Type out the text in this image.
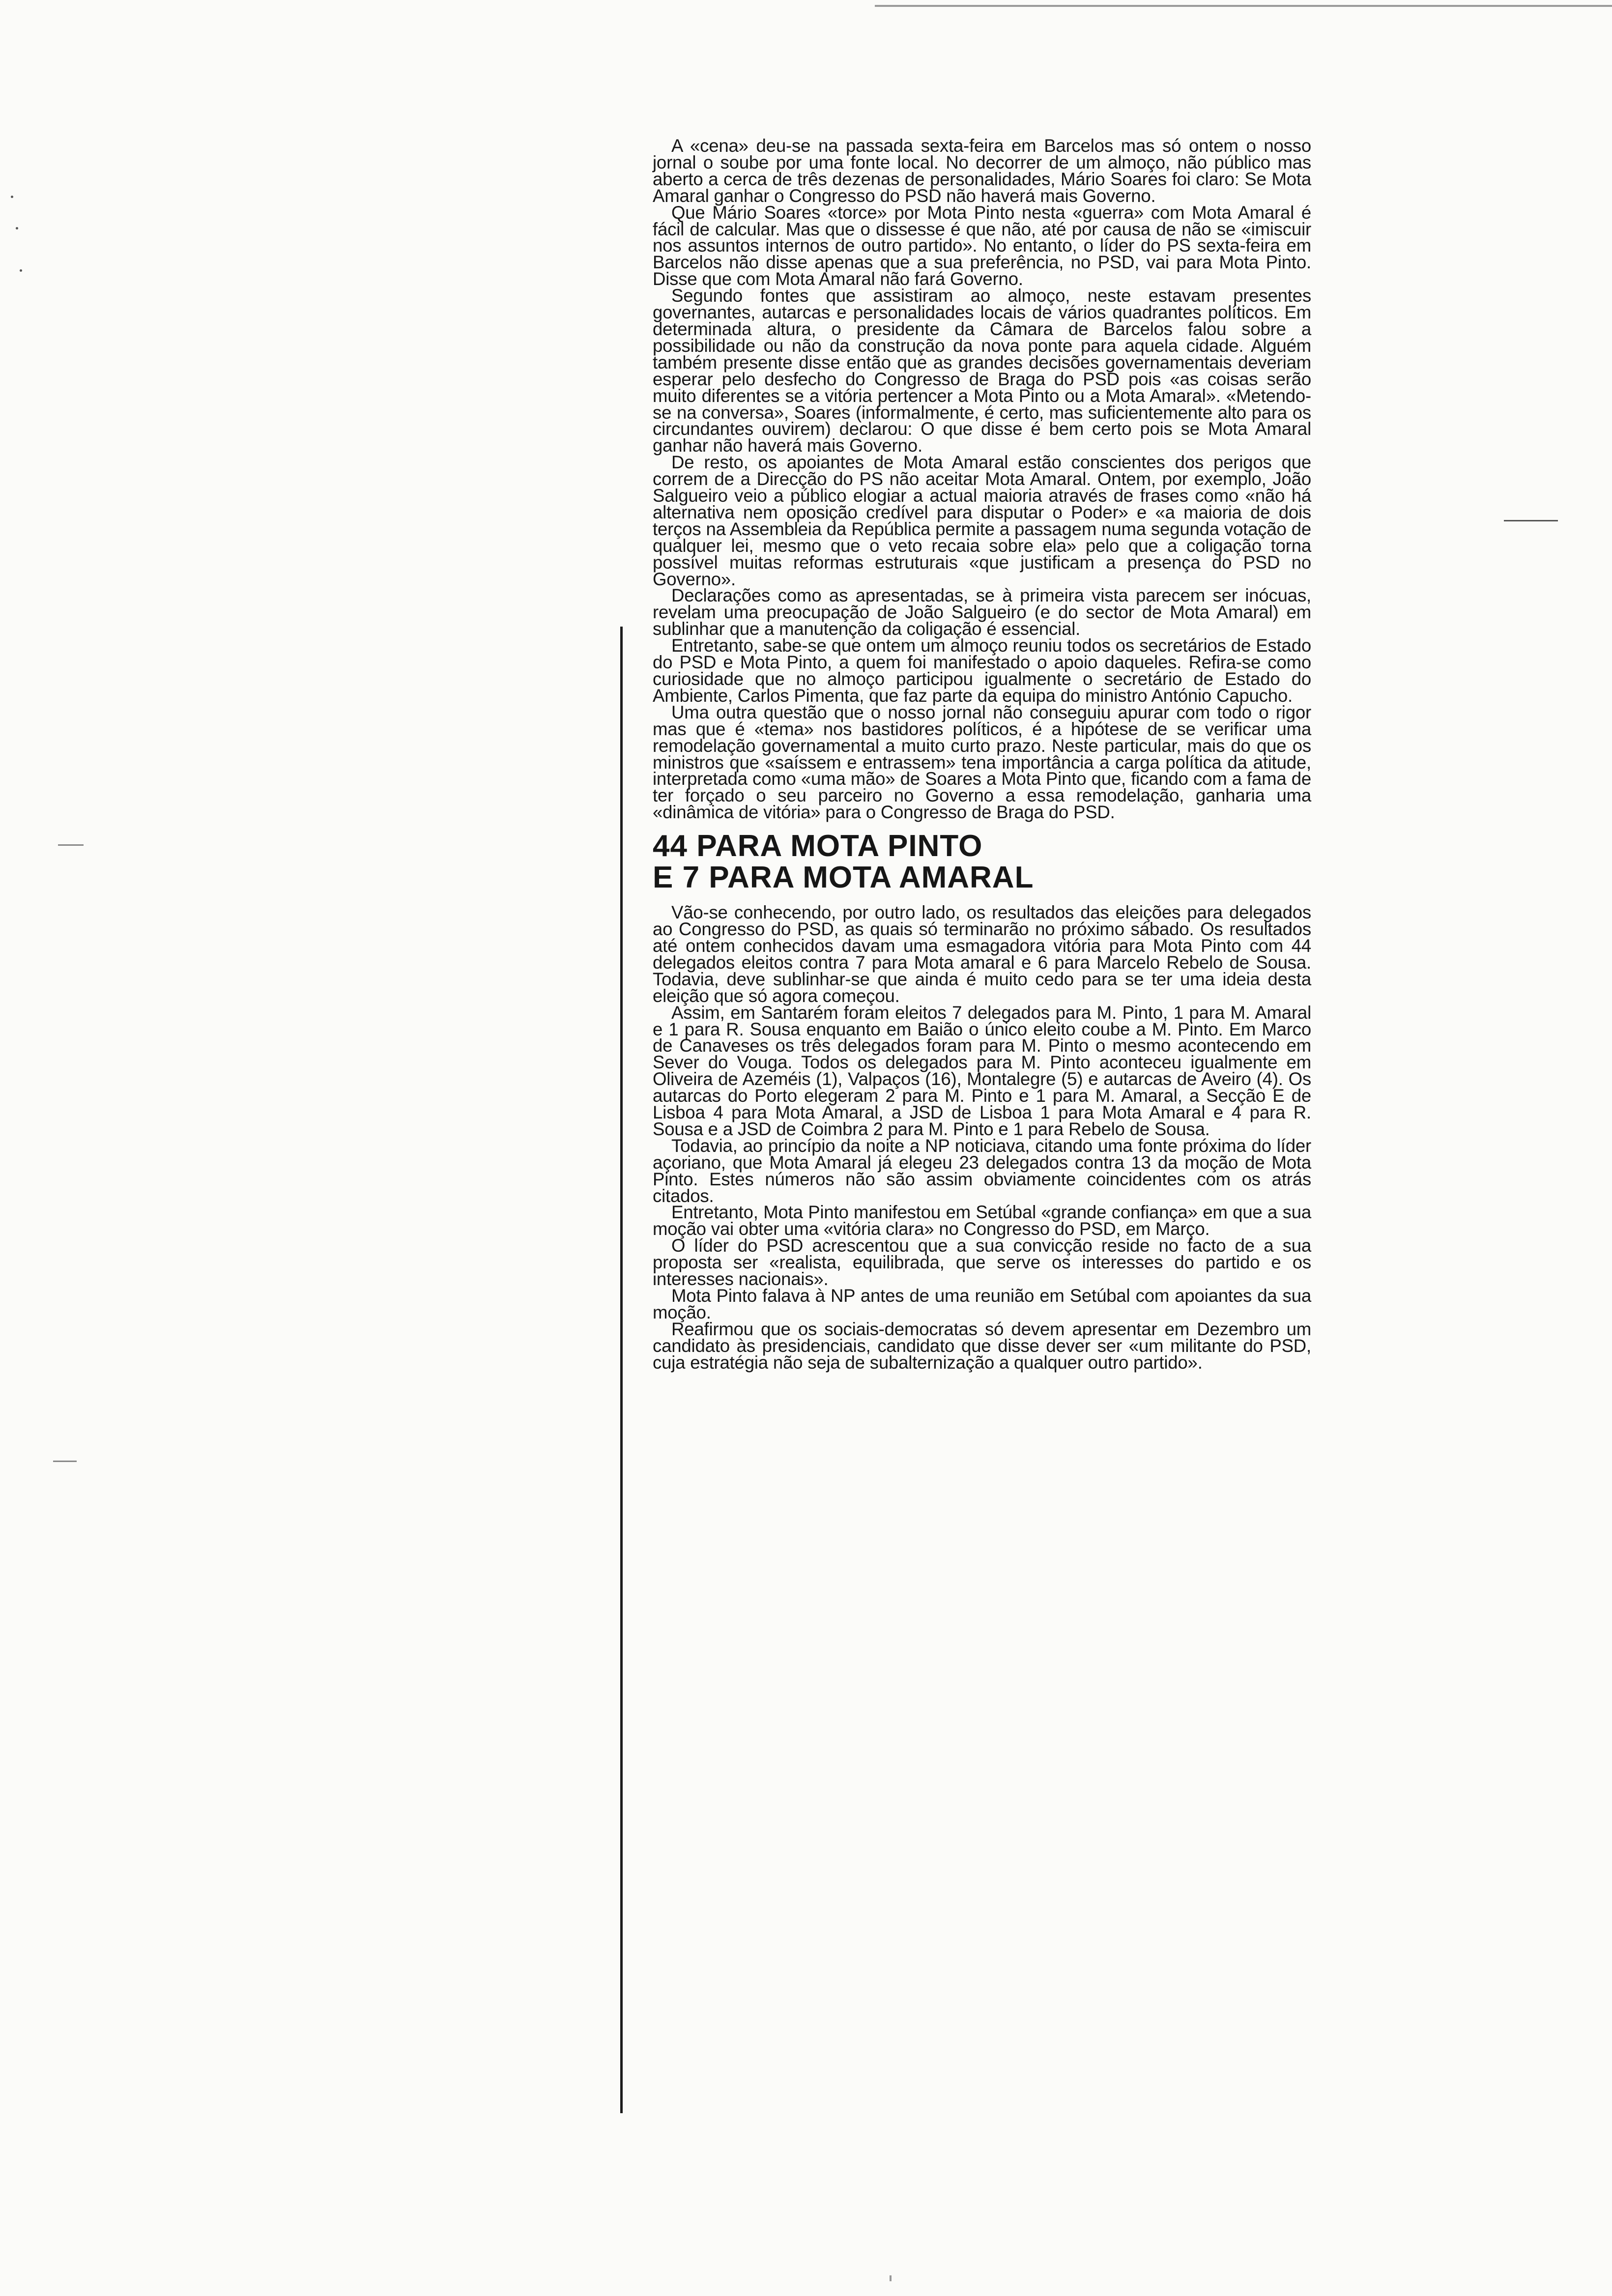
A «cena» deu-se na passada sexta-feira em Barcelos mas só ontem o nosso jornal o soube por uma fonte local. No decorrer de um almoço, não público mas aberto a cerca de três dezenas de personalidades, Mário Soares foi claro: Se Mota Amaral ganhar o Congresso do PSD não haverá mais Governo.

Que Mário Soares «torce» por Mota Pinto nesta «guerra» com Mota Amaral é fácil de calcular. Mas que o dissesse é que não, até por causa de não se «imiscuir nos assuntos internos de outro partido». No entanto, o líder do PS sexta-feira em Barcelos não disse apenas que a sua preferência, no PSD, vai para Mota Pinto. Disse que com Mota Amaral não fará Governo.

Segundo fontes que assistiram ao almoço, neste estavam presentes governantes, autarcas e personalidades locais de vários quadrantes políticos. Em determinada altura, o presidente da Câmara de Barcelos falou sobre a possibilidade ou não da construção da nova ponte para aquela cidade. Alguém também presente disse então que as grandes decisões governamentais deveriam esperar pelo desfecho do Congresso de Braga do PSD pois «as coisas serão muito diferentes se a vitória pertencer a Mota Pinto ou a Mota Amaral». «Metendo-se na conversa», Soares (informalmente, é certo, mas suficientemente alto para os circundantes ouvirem) declarou: O que disse é bem certo pois se Mota Amaral ganhar não haverá mais Governo.

De resto, os apoiantes de Mota Amaral estão conscientes dos perigos que correm de a Direcção do PS não aceitar Mota Amaral. Ontem, por exemplo, João Salgueiro veio a público elogiar a actual maioria através de frases como «não há alternativa nem oposição credível para disputar o Poder» e «a maioria de dois terços na Assembleia da República permite a passagem numa segunda votação de qualquer lei, mesmo que o veto recaia sobre ela» pelo que a coligação torna possível muitas reformas estruturais «que justificam a presença do PSD no Governo».

Declarações como as apresentadas, se à primeira vista parecem ser inócuas, revelam uma preocupação de João Salgueiro (e do sector de Mota Amaral) em sublinhar que a manutenção da coligação é essencial.

Entretanto, sabe-se que ontem um almoço reuniu todos os secretários de Estado do PSD e Mota Pinto, a quem foi manifestado o apoio daqueles. Refira-se como curiosidade que no almoço participou igualmente o secretário de Estado do Ambiente, Carlos Pimenta, que faz parte da equipa do ministro António Capucho.

Uma outra questão que o nosso jornal não conseguiu apurar com todo o rigor mas que é «tema» nos bastidores políticos, é a hipótese de se verificar uma remodelação governamental a muito curto prazo. Neste particular, mais do que os ministros que «saíssem e entrassem» tena importância a carga política da atitude, interpretada como «uma mão» de Soares a Mota Pinto que, ficando com a fama de ter forçado o seu parceiro no Governo a essa remodelação, ganharia uma «dinâmica de vitória» para o Congresso de Braga do PSD.

44 PARA MOTA PINTO
E 7 PARA MOTA AMARAL

Vão-se conhecendo, por outro lado, os resultados das eleições para delegados ao Congresso do PSD, as quais só terminarão no próximo sábado. Os resultados até ontem conhecidos davam uma esmagadora vitória para Mota Pinto com 44 delegados eleitos contra 7 para Mota amaral e 6 para Marcelo Rebelo de Sousa. Todavia, deve sublinhar-se que ainda é muito cedo para se ter uma ideia desta eleição que só agora começou.

Assim, em Santarém foram eleitos 7 delegados para M. Pinto, 1 para M. Amaral e 1 para R. Sousa enquanto em Baião o único eleito coube a M. Pinto. Em Marco de Canaveses os três delegados foram para M. Pinto o mesmo acontecendo em Sever do Vouga. Todos os delegados para M. Pinto aconteceu igualmente em Oliveira de Azeméis (1), Valpaços (16), Montalegre (5) e autarcas de Aveiro (4). Os autarcas do Porto elegeram 2 para M. Pinto e 1 para M. Amaral, a Secção E de Lisboa 4 para Mota Amaral, a JSD de Lisboa 1 para Mota Amaral e 4 para R. Sousa e a JSD de Coimbra 2 para M. Pinto e 1 para Rebelo de Sousa.

Todavia, ao princípio da noite a NP noticiava, citando uma fonte próxima do líder açoriano, que Mota Amaral já elegeu 23 delegados contra 13 da moção de Mota Pinto. Estes números não são assim obviamente coincidentes com os atrás citados.

Entretanto, Mota Pinto manifestou em Setúbal «grande confiança» em que a sua moção vai obter uma «vitória clara» no Congresso do PSD, em Março.

O líder do PSD acrescentou que a sua convicção reside no facto de a sua proposta ser «realista, equilibrada, que serve os interesses do partido e os interesses nacionais».

Mota Pinto falava à NP antes de uma reunião em Setúbal com apoiantes da sua moção.

Reafirmou que os sociais-democratas só devem apresentar em Dezembro um candidato às presidenciais, candidato que disse dever ser «um militante do PSD, cuja estratégia não seja de subalternização a qualquer outro partido».
